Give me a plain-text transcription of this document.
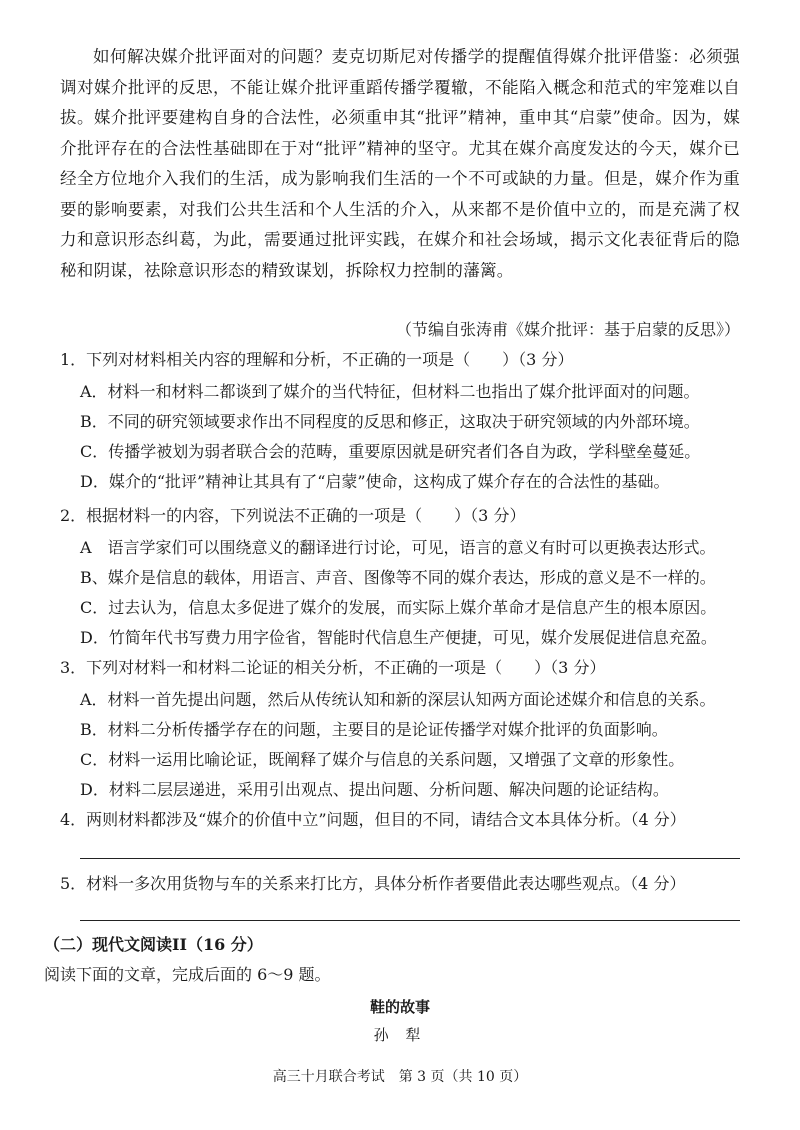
如何解决媒介批评面对的问题？麦克切斯尼对传播学的提醒值得媒介批评借鉴：必须强调对媒介批评的反思，不能让媒介批评重蹈传播学覆辙，不能陷入概念和范式的牢笼难以自拔。媒介批评要建构自身的合法性，必须重申其“批评”精神，重申其“启蒙”使命。因为，媒介批评存在的合法性基础即在于对“批评”精神的坚守。尤其在媒介高度发达的今天，媒介已经全方位地介入我们的生活，成为影响我们生活的一个不可或缺的力量。但是，媒介作为重要的影响要素，对我们公共生活和个人生活的介入，从来都不是价值中立的，而是充满了权力和意识形态纠葛，为此，需要通过批评实践，在媒介和社会场域，揭示文化表征背后的隐秘和阴谋，祛除意识形态的精致谋划，拆除权力控制的藩篱。

（节编自张涛甫《媒介批评：基于启蒙的反思》）

1．下列对材料相关内容的理解和分析，不正确的一项是（　　）（3 分）

A．材料一和材料二都谈到了媒介的当代特征，但材料二也指出了媒介批评面对的问题。

B．不同的研究领域要求作出不同程度的反思和修正，这取决于研究领域的内外部环境。

C．传播学被划为弱者联合会的范畴，重要原因就是研究者们各自为政，学科壁垒蔓延。

D．媒介的“批评”精神让其具有了“启蒙”使命，这构成了媒介存在的合法性的基础。

2．根据材料一的内容，下列说法不正确的一项是（　　）（3 分）

A　语言学家们可以围绕意义的翻译进行讨论，可见，语言的意义有时可以更换表达形式。

B、媒介是信息的载体，用语言、声音、图像等不同的媒介表达，形成的意义是不一样的。

C．过去认为，信息太多促进了媒介的发展，而实际上媒介革命才是信息产生的根本原因。

D．竹简年代书写费力用字俭省，智能时代信息生产便捷，可见，媒介发展促进信息充盈。

3．下列对材料一和材料二论证的相关分析，不正确的一项是（　　）（3 分）

A．材料一首先提出问题，然后从传统认知和新的深层认知两方面论述媒介和信息的关系。

B．材料二分析传播学存在的问题，主要目的是论证传播学对媒介批评的负面影响。

C．材料一运用比喻论证，既阐释了媒介与信息的关系问题，又增强了文章的形象性。

D．材料二层层递进，采用引出观点、提出问题、分析问题、解决问题的论证结构。

4．两则材料都涉及“媒介的价值中立”问题，但目的不同，请结合文本具体分析。（4 分）

5．材料一多次用货物与车的关系来打比方，具体分析作者要借此表达哪些观点。（4 分）

（二）现代文阅读II（16 分）

阅读下面的文章，完成后面的 6～9 题。

鞋的故事

孙 犁

高三十月联合考试　第 3 页（共 10 页）
